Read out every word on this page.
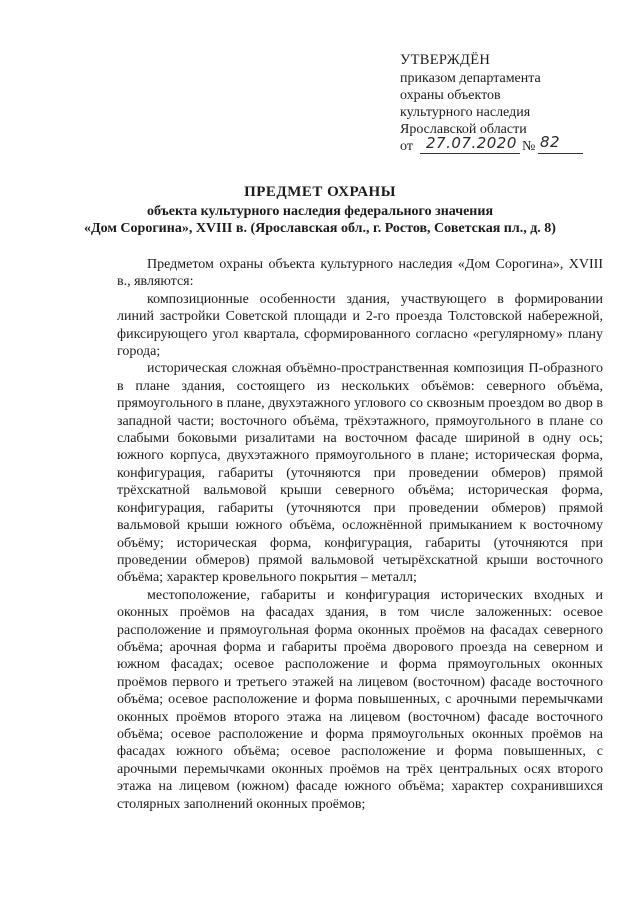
УТВЕРЖДЁН
приказом департамента
охраны объектов
культурного наследия
Ярославской области
от 27.07.2020 № 82
ПРЕДМЕТ ОХРАНЫ
объекта культурного наследия федерального значения
«Дом Сорогина», XVIII в. (Ярославская обл., г. Ростов, Советская пл., д. 8)

Предметом охраны объекта культурного наследия «Дом Сорогина», XVIII в., являются:

композиционные особенности здания, участвующего в формировании линий застройки Советской площади и 2-го проезда Толстовской набережной, фиксирующего угол квартала, сформированного согласно «регулярному» плану города;

историческая сложная объёмно-пространственная композиция П-образного в плане здания, состоящего из нескольких объёмов: северного объёма, прямоугольного в плане, двухэтажного углового со сквозным проездом во двор в западной части; восточного объёма, трёхэтажного, прямоугольного в плане со слабыми боковыми ризалитами на восточном фасаде шириной в одну ось; южного корпуса, двухэтажного прямоугольного в плане; историческая форма, конфигурация, габариты (уточняются при проведении обмеров) прямой трёхскатной вальмовой крыши северного объёма; историческая форма, конфигурация, габариты (уточняются при проведении обмеров) прямой вальмовой крыши южного объёма, осложнённой примыканием к восточному объёму; историческая форма, конфигурация, габариты (уточняются при проведении обмеров) прямой вальмовой четырёхскатной крыши восточного объёма; характер кровельного покрытия – металл;

местоположение, габариты и конфигурация исторических входных и оконных проёмов на фасадах здания, в том числе заложенных: осевое расположение и прямоугольная форма оконных проёмов на фасадах северного объёма; арочная форма и габариты проёма дворового проезда на северном и южном фасадах; осевое расположение и форма прямоугольных оконных проёмов первого и третьего этажей на лицевом (восточном) фасаде восточного объёма; осевое расположение и форма повышенных, с арочными перемычками оконных проёмов второго этажа на лицевом (восточном) фасаде восточного объёма; осевое расположение и форма прямоугольных оконных проёмов на фасадах южного объёма; осевое расположение и форма повышенных, с арочными перемычками оконных проёмов на трёх центральных осях второго этажа на лицевом (южном) фасаде южного объёма; характер сохранившихся столярных заполнений оконных проёмов;
